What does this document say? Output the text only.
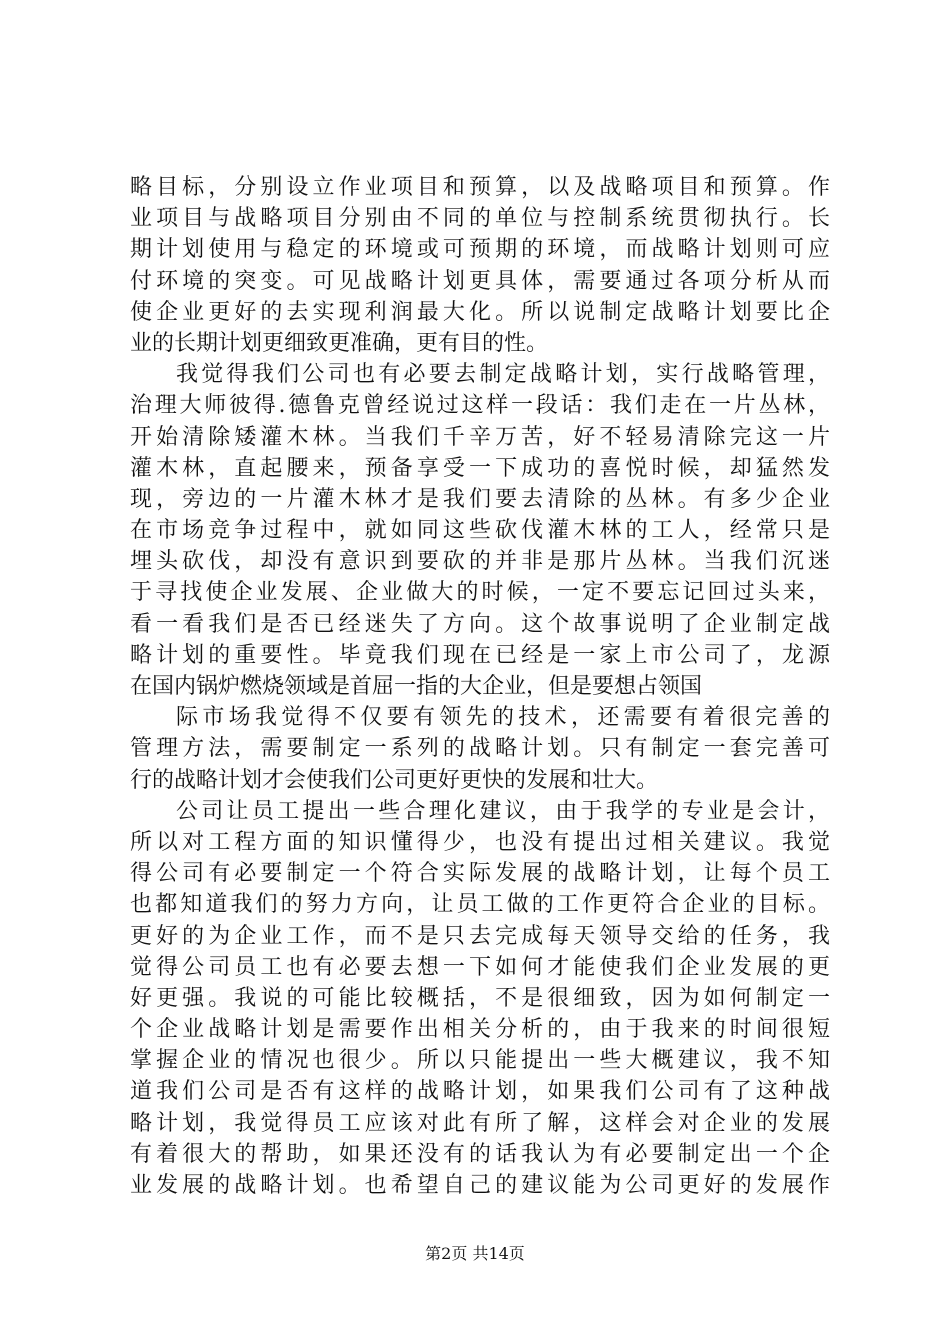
略目标，分别设立作业项目和预算，以及战略项目和预算。作
业项目与战略项目分别由不同的单位与控制系统贯彻执行。长
期计划使用与稳定的环境或可预期的环境，而战略计划则可应
付环境的突变。可见战略计划更具体，需要通过各项分析从而
使企业更好的去实现利润最大化。所以说制定战略计划要比企
业的长期计划更细致更准确，更有目的性。
我觉得我们公司也有必要去制定战略计划，实行战略管理，
治理大师彼得.德鲁克曾经说过这样一段话：我们走在一片丛林，
开始清除矮灌木林。当我们千辛万苦，好不轻易清除完这一片
灌木林，直起腰来，预备享受一下成功的喜悦时候，却猛然发
现，旁边的一片灌木林才是我们要去清除的丛林。有多少企业
在市场竞争过程中，就如同这些砍伐灌木林的工人，经常只是
埋头砍伐，却没有意识到要砍的并非是那片丛林。当我们沉迷
于寻找使企业发展、企业做大的时候，一定不要忘记回过头来，
看一看我们是否已经迷失了方向。这个故事说明了企业制定战
略计划的重要性。毕竟我们现在已经是一家上市公司了，龙源
在国内锅炉燃烧领域是首屈一指的大企业，但是要想占领国
际市场我觉得不仅要有领先的技术，还需要有着很完善的
管理方法，需要制定一系列的战略计划。只有制定一套完善可
行的战略计划才会使我们公司更好更快的发展和壮大。
公司让员工提出一些合理化建议，由于我学的专业是会计，
所以对工程方面的知识懂得少，也没有提出过相关建议。我觉
得公司有必要制定一个符合实际发展的战略计划，让每个员工
也都知道我们的努力方向，让员工做的工作更符合企业的目标。
更好的为企业工作，而不是只去完成每天领导交给的任务，我
觉得公司员工也有必要去想一下如何才能使我们企业发展的更
好更强。我说的可能比较概括，不是很细致，因为如何制定一
个企业战略计划是需要作出相关分析的，由于我来的时间很短
掌握企业的情况也很少。所以只能提出一些大概建议，我不知
道我们公司是否有这样的战略计划，如果我们公司有了这种战
略计划，我觉得员工应该对此有所了解，这样会对企业的发展
有着很大的帮助，如果还没有的话我认为有必要制定出一个企
业发展的战略计划。也希望自己的建议能为公司更好的发展作
第2页 共14页
